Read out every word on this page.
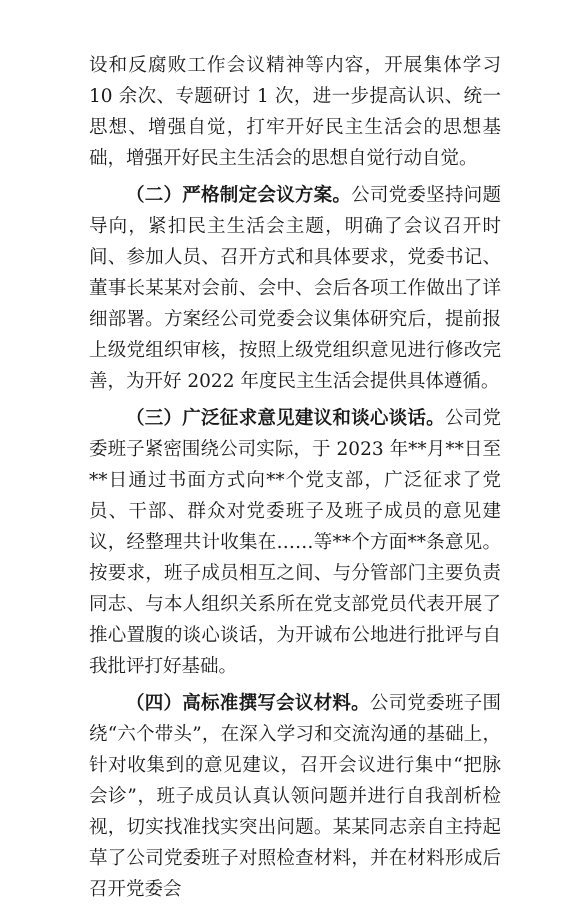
设和反腐败工作会议精神等内容，开展集体学习 10 余次、专题研讨 1 次，进一步提高认识、统一思想、增强自觉，打牢开好民主生活会的思想基础，增强开好民主生活会的思想自觉行动自觉。

（二）严格制定会议方案。公司党委坚持问题导向，紧扣民主生活会主题，明确了会议召开时间、参加人员、召开方式和具体要求，党委书记、董事长某某对会前、会中、会后各项工作做出了详细部署。方案经公司党委会议集体研究后，提前报上级党组织审核，按照上级党组织意见进行修改完善，为开好 2022 年度民主生活会提供具体遵循。

（三）广泛征求意见建议和谈心谈话。公司党委班子紧密围绕公司实际，于 2023 年**月**日至**日通过书面方式向**个党支部，广泛征求了党员、干部、群众对党委班子及班子成员的意见建议，经整理共计收集在……等**个方面**条意见。按要求，班子成员相互之间、与分管部门主要负责同志、与本人组织关系所在党支部党员代表开展了推心置腹的谈心谈话，为开诚布公地进行批评与自我批评打好基础。

（四）高标准撰写会议材料。公司党委班子围绕“六个带头”，在深入学习和交流沟通的基础上，针对收集到的意见建议，召开会议进行集中“把脉会诊”，班子成员认真认领问题并进行自我剖析检视，切实找准找实突出问题。某某同志亲自主持起草了公司党委班子对照检查材料，并在材料形成后召开党委会
